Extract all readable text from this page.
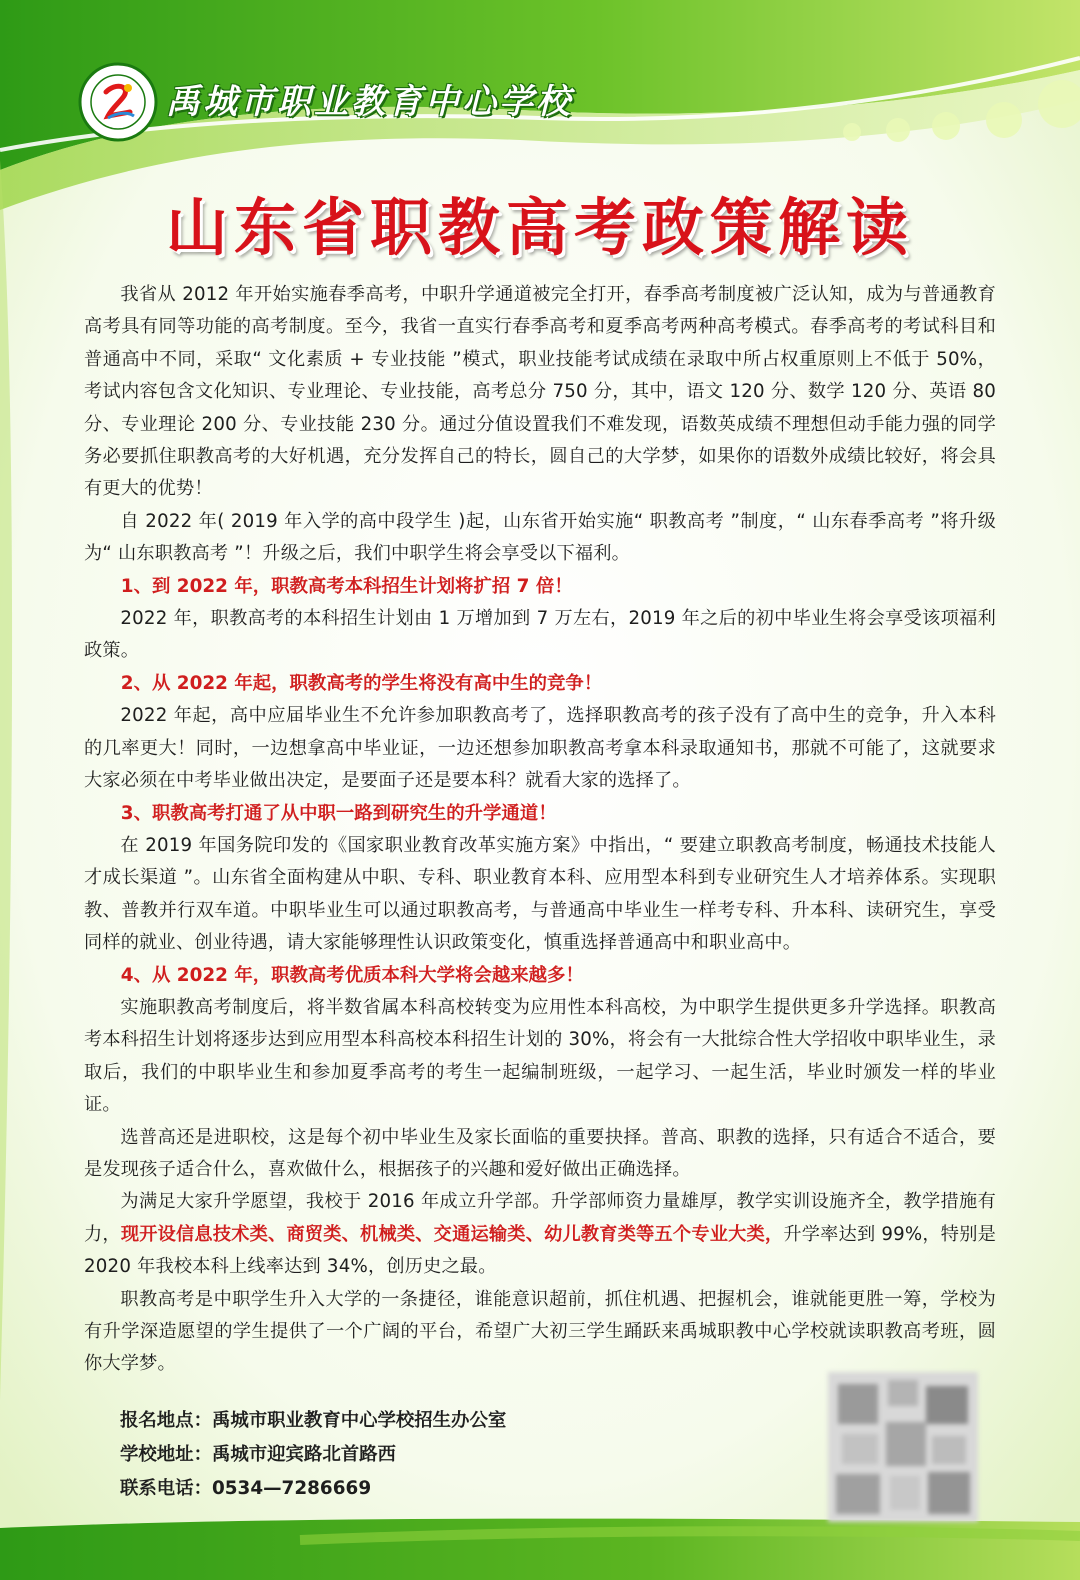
禹城市职业教育中心学校
山东省职教高考政策解读

我省从 2012 年开始实施春季高考，中职升学通道被完全打开，春季高考制度被广泛认知，成为与普通教育高考具有同等功能的高考制度。至今，我省一直实行春季高考和夏季高考两种高考模式。春季高考的考试科目和普通高中不同，采取“ 文化素质 + 专业技能 ”模式，职业技能考试成绩在录取中所占权重原则上不低于 50%，考试内容包含文化知识、专业理论、专业技能，高考总分 750 分，其中，语文 120 分、数学 120 分、英语 80 分、专业理论 200 分、专业技能 230 分。通过分值设置我们不难发现，语数英成绩不理想但动手能力强的同学务必要抓住职教高考的大好机遇，充分发挥自己的特长，圆自己的大学梦，如果你的语数外成绩比较好，将会具有更大的优势！

自 2022 年( 2019 年入学的高中段学生 )起，山东省开始实施“ 职教高考 ”制度，“ 山东春季高考 ”将升级为“ 山东职教高考 ”！升级之后，我们中职学生将会享受以下福利。

1、到 2022 年，职教高考本科招生计划将扩招 7 倍！

2022 年，职教高考的本科招生计划由 1 万增加到 7 万左右，2019 年之后的初中毕业生将会享受该项福利政策。

2、从 2022 年起，职教高考的学生将没有高中生的竞争！

2022 年起，高中应届毕业生不允许参加职教高考了，选择职教高考的孩子没有了高中生的竞争，升入本科的几率更大！同时，一边想拿高中毕业证，一边还想参加职教高考拿本科录取通知书，那就不可能了，这就要求大家必须在中考毕业做出决定，是要面子还是要本科？就看大家的选择了。

3、职教高考打通了从中职一路到研究生的升学通道！

在 2019 年国务院印发的《国家职业教育改革实施方案》中指出，“ 要建立职教高考制度，畅通技术技能人才成长渠道 ”。山东省全面构建从中职、专科、职业教育本科、应用型本科到专业研究生人才培养体系。实现职教、普教并行双车道。中职毕业生可以通过职教高考，与普通高中毕业生一样考专科、升本科、读研究生，享受同样的就业、创业待遇，请大家能够理性认识政策变化，慎重选择普通高中和职业高中。

4、从 2022 年，职教高考优质本科大学将会越来越多！

实施职教高考制度后，将半数省属本科高校转变为应用性本科高校，为中职学生提供更多升学选择。职教高考本科招生计划将逐步达到应用型本科高校本科招生计划的 30%，将会有一大批综合性大学招收中职毕业生，录取后，我们的中职毕业生和参加夏季高考的考生一起编制班级，一起学习、一起生活，毕业时颁发一样的毕业证。

选普高还是进职校，这是每个初中毕业生及家长面临的重要抉择。普高、职教的选择，只有适合不适合，要是发现孩子适合什么，喜欢做什么，根据孩子的兴趣和爱好做出正确选择。

为满足大家升学愿望，我校于 2016 年成立升学部。升学部师资力量雄厚，教学实训设施齐全，教学措施有力，现开设信息技术类、商贸类、机械类、交通运输类、幼儿教育类等五个专业大类，升学率达到 99%，特别是 2020 年我校本科上线率达到 34%，创历史之最。

职教高考是中职学生升入大学的一条捷径，谁能意识超前，抓住机遇、把握机会，谁就能更胜一筹，学校为有升学深造愿望的学生提供了一个广阔的平台，希望广大初三学生踊跃来禹城职教中心学校就读职教高考班，圆你大学梦。

报名地点：禹城市职业教育中心学校招生办公室
学校地址：禹城市迎宾路北首路西
联系电话：0534—7286669
